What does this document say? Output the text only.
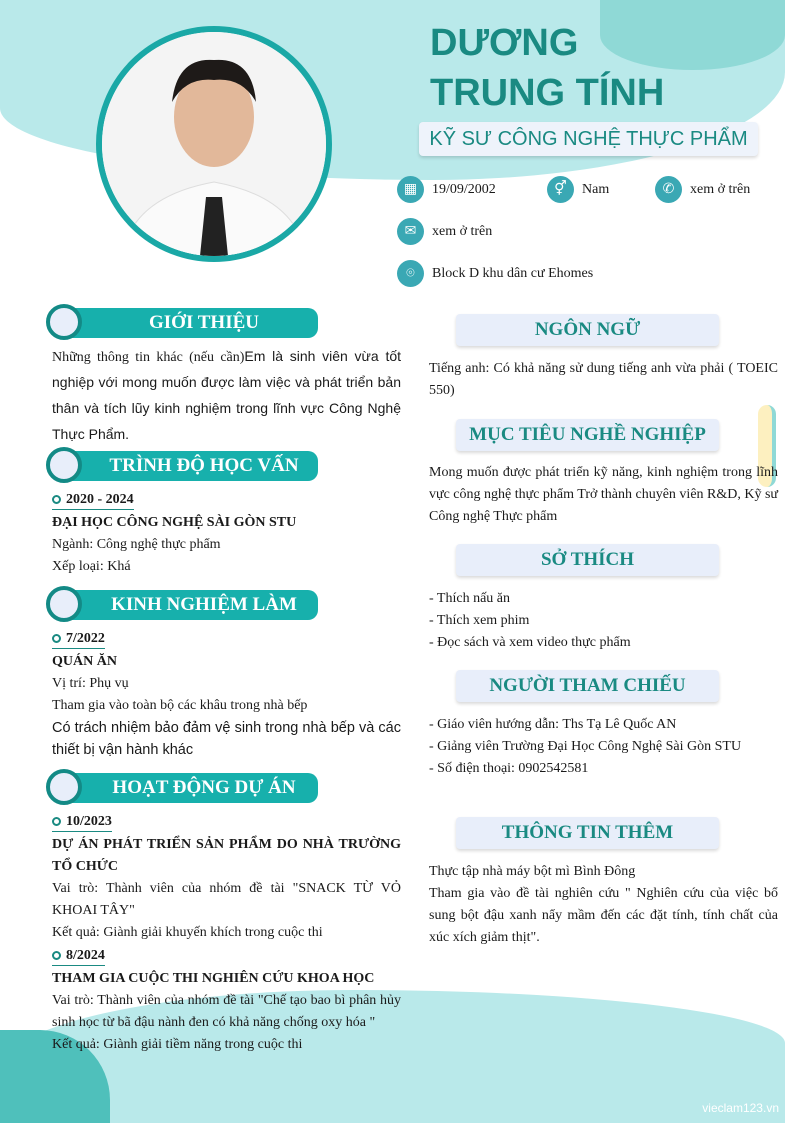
DƯƠNG
TRUNG TÍNH
KỸ SƯ CÔNG NGHỆ THỰC PHẨM
▦	19/09/2002	⚥	Nam	✆	xem ở trên
✉	xem ở trên
⌾	Block D khu dân cư Ehomes
GIỚI THIỆU
Những thông tin khác (nếu cần)Em là sinh viên vừa tốt nghiệp với mong muốn được làm việc và phát triển bản thân và tích lũy kinh nghiệm trong lĩnh vực Công Nghệ Thực Phẩm.
TRÌNH ĐỘ HỌC VẤN
2020 - 2024
ĐẠI HỌC CÔNG NGHỆ SÀI GÒN STU
Ngành: Công nghệ thực phẩm
Xếp loại: Khá
KINH NGHIỆM LÀM VIỆC
7/2022
QUÁN ĂN
Vị trí: Phụ vụ
Tham gia vào toàn bộ các khâu trong nhà bếp
Có trách nhiệm bảo đảm vệ sinh trong nhà bếp và các thiết bị vận hành khác
HOẠT ĐỘNG DỰ ÁN
10/2023
DỰ ÁN PHÁT TRIỂN SẢN PHẨM DO NHÀ TRƯỜNG TỔ CHỨC
Vai trò: Thành viên của nhóm đề tài "SNACK TỪ VỎ KHOAI TÂY"
Kết quả: Giành giải khuyến khích trong cuộc thi
8/2024
THAM GIA CUỘC THI NGHIÊN CỨU KHOA HỌC
Vai trò: Thành viên của nhóm đề tài "Chế tạo bao bì phân hủy sinh học từ bã đậu nành đen có khả năng chống oxy hóa "
Kết quả: Giành giải tiềm năng trong cuộc thi
NGÔN NGỮ
Tiếng anh: Có khả năng sử dung tiếng anh vừa phải ( TOEIC 550)
MỤC TIÊU NGHỀ NGHIỆP
Mong muốn được phát triển kỹ năng, kinh nghiệm trong lĩnh vực công nghệ thực phẩm Trở thành chuyên viên R&D, Kỹ sư Công nghệ Thực phẩm
SỞ THÍCH
- Thích nấu ăn
- Thích xem phim
- Đọc sách và xem video thực phẩm
NGƯỜI THAM CHIẾU
- Giáo viên hướng dẫn: Ths Tạ Lê Quốc AN
- Giảng viên Trường Đại Học Công Nghệ Sài Gòn STU
- Số điện thoại: 0902542581
THÔNG TIN THÊM
Thực tập nhà máy bột mì Bình Đông
Tham gia vào đề tài nghiên cứu " Nghiên cứu của việc bổ sung bột đậu xanh nẩy mầm đến các đặt tính, tính chất của xúc xích giảm thịt".
vieclam123.vn
